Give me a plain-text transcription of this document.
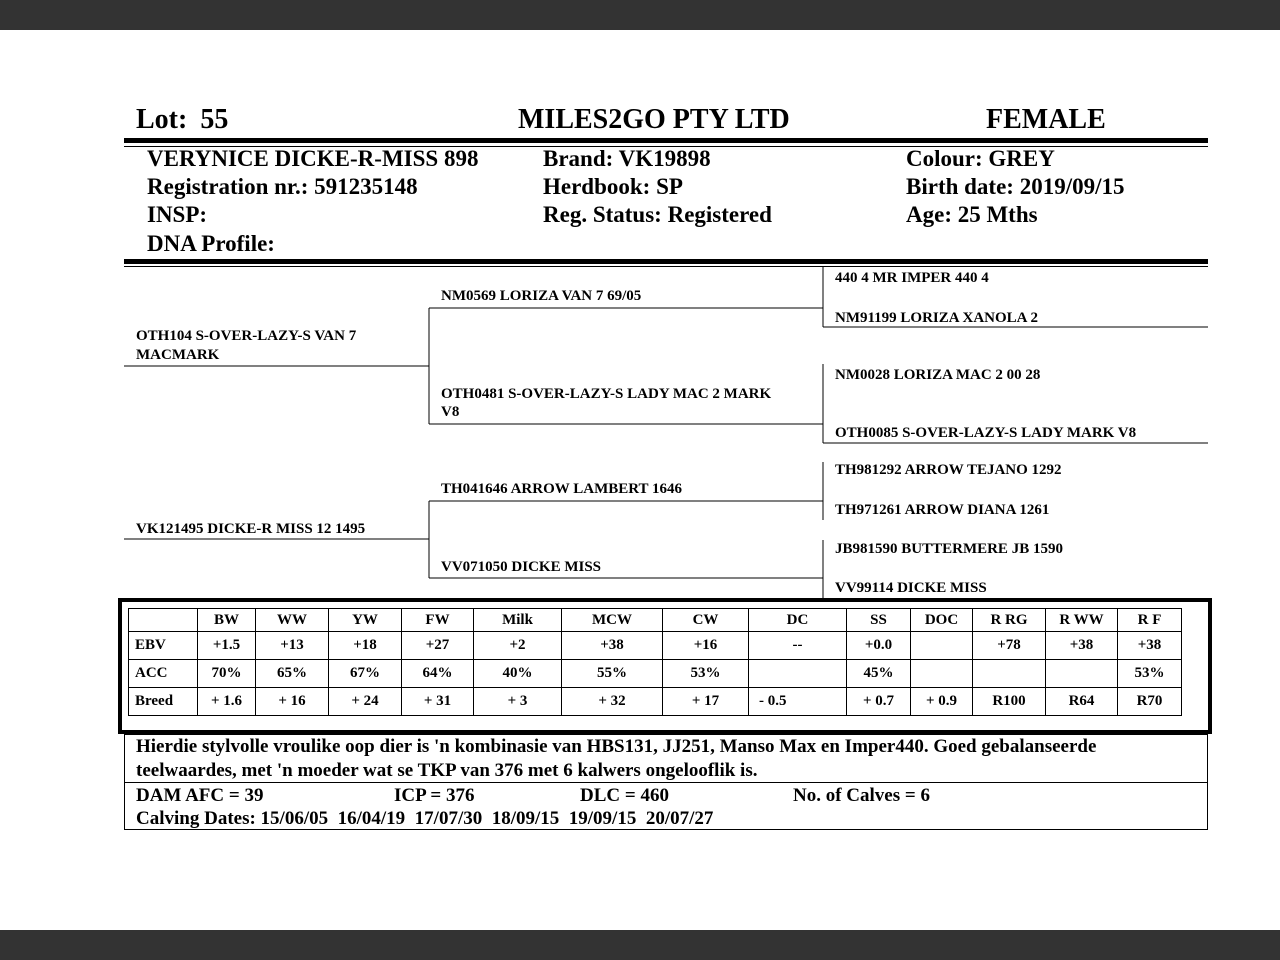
Lot: 55	MILES2GO PTY LTD	FEMALE
VERYNICE DICKE-R-MISS 898
Registration nr.: 591235148
INSP:
DNA Profile:
Brand: VK19898
Herdbook: SP
Reg. Status: Registered
Colour: GREY
Birth date: 2019/09/15
Age: 25 Mths
OTH104 S-OVER-LAZY-S VAN 7
MACMARK
VK121495 DICKE-R MISS 12 1495
NM0569 LORIZA VAN 7 69/05
OTH0481 S-OVER-LAZY-S LADY MAC 2 MARK
V8
TH041646 ARROW LAMBERT 1646
VV071050 DICKE MISS
440 4 MR IMPER 440 4
NM91199 LORIZA XANOLA 2
NM0028 LORIZA MAC 2 00 28
OTH0085 S-OVER-LAZY-S LADY MARK V8
TH981292 ARROW TEJANO 1292
TH971261 ARROW DIANA 1261
JB981590 BUTTERMERE JB 1590
VV99114 DICKE MISS
	BW	WW	YW	FW	Milk	MCW	CW	DC	SS	DOC	R RG	R WW	R F
EBV	+1.5	+13	+18	+27	+2	+38	+16	--	+0.0		+78	+38	+38
ACC	70%	65%	67%	64%	40%	55%	53%		45%				53%
Breed	+ 1.6	+ 16	+ 24	+ 31	+ 3	+ 32	+ 17	- 0.5	+ 0.7	+ 0.9	R100	R64	R70
Hierdie stylvolle vroulike oop dier is 'n kombinasie van HBS131, JJ251, Manso Max en Imper440. Goed gebalanseerde
teelwaardes, met 'n moeder wat se TKP van 376 met 6 kalwers ongelooflik is.
DAM AFC = 39	ICP = 376	DLC = 460	No. of Calves = 6
Calving Dates: 15/06/05  16/04/19  17/07/30  18/09/15  19/09/15  20/07/27
